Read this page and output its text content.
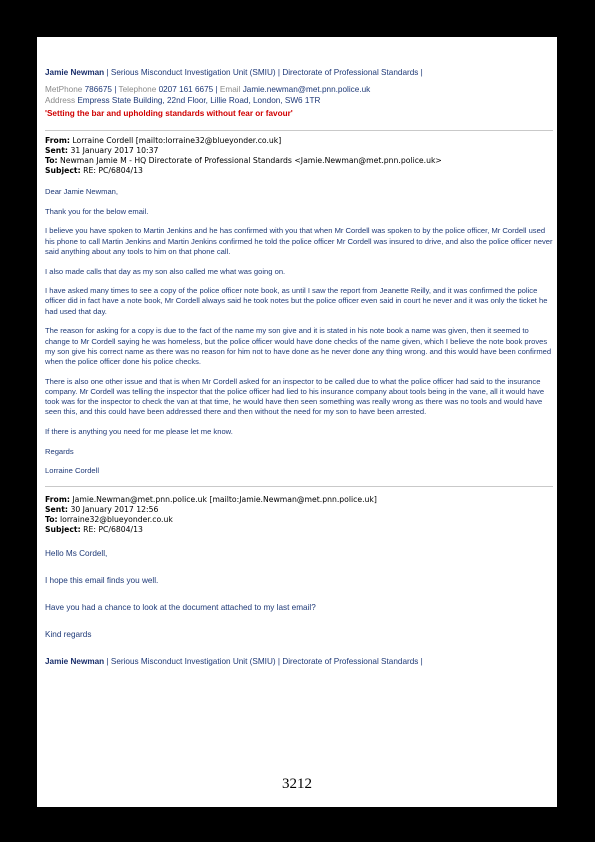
Jamie Newman | Serious Misconduct Investigation Unit (SMIU) | Directorate of Professional Standards |
MetPhone 786675 | Telephone 0207 161 6675 | Email Jamie.newman@met.pnn.police.uk
Address Empress State Building, 22nd Floor, Lillie Road, London, SW6 1TR
'Setting the bar and upholding standards without fear or favour'
From: Lorraine Cordell [mailto:lorraine32@blueyonder.co.uk]
Sent: 31 January 2017 10:37
To: Newman Jamie M - HQ Directorate of Professional Standards <Jamie.Newman@met.pnn.police.uk>
Subject: RE: PC/6804/13

Dear Jamie Newman,

Thank you for the below email.

I believe you have spoken to Martin Jenkins and he has confirmed with you that when Mr Cordell was spoken to by the police officer, Mr Cordell used his phone to call Martin Jenkins and Martin Jenkins confirmed he told the police officer Mr Cordell was insured to drive, and also the police officer never said anything about any tools to him on that phone call.

I also made calls that day as my son also called me what was going on.

I have asked many times to see a copy of the police officer note book, as until I saw the report from Jeanette Reilly, and it was confirmed the police officer did in fact have a note book, Mr Cordell always said he took notes but the police officer even said in court he never and it was only the ticket he had used that day.

The reason for asking for a copy is due to the fact of the name my son give and it is stated in his note book a name was given, then it seemed to change to Mr Cordell saying he was homeless, but the police officer would have done checks of the name given, which I believe the note book proves my son give his correct name as there was no reason for him not to have done as he never done any thing wrong. and this would have been confirmed when the police officer done his police checks.

There is also one other issue and that is when Mr Cordell asked for an inspector to be called due to what the police officer had said to the insurance company. Mr Cordell was telling the inspector that the police officer had lied to his insurance company about tools being in the vane, all it would have took was for the inspector to check the van at that time, he would have then seen something was really wrong as there was no tools and would have seen this, and this could have been addressed there and then without the need for my son to have been arrested.

If there is anything you need for me please let me know.

Regards

Lorraine Cordell

From: Jamie.Newman@met.pnn.police.uk [mailto:Jamie.Newman@met.pnn.police.uk]
Sent: 30 January 2017 12:56
To: lorraine32@blueyonder.co.uk
Subject: RE: PC/6804/13

Hello Ms Cordell,

I hope this email finds you well.

Have you had a chance to look at the document attached to my last email?

Kind regards

Jamie Newman | Serious Misconduct Investigation Unit (SMIU) | Directorate of Professional Standards |
3212
